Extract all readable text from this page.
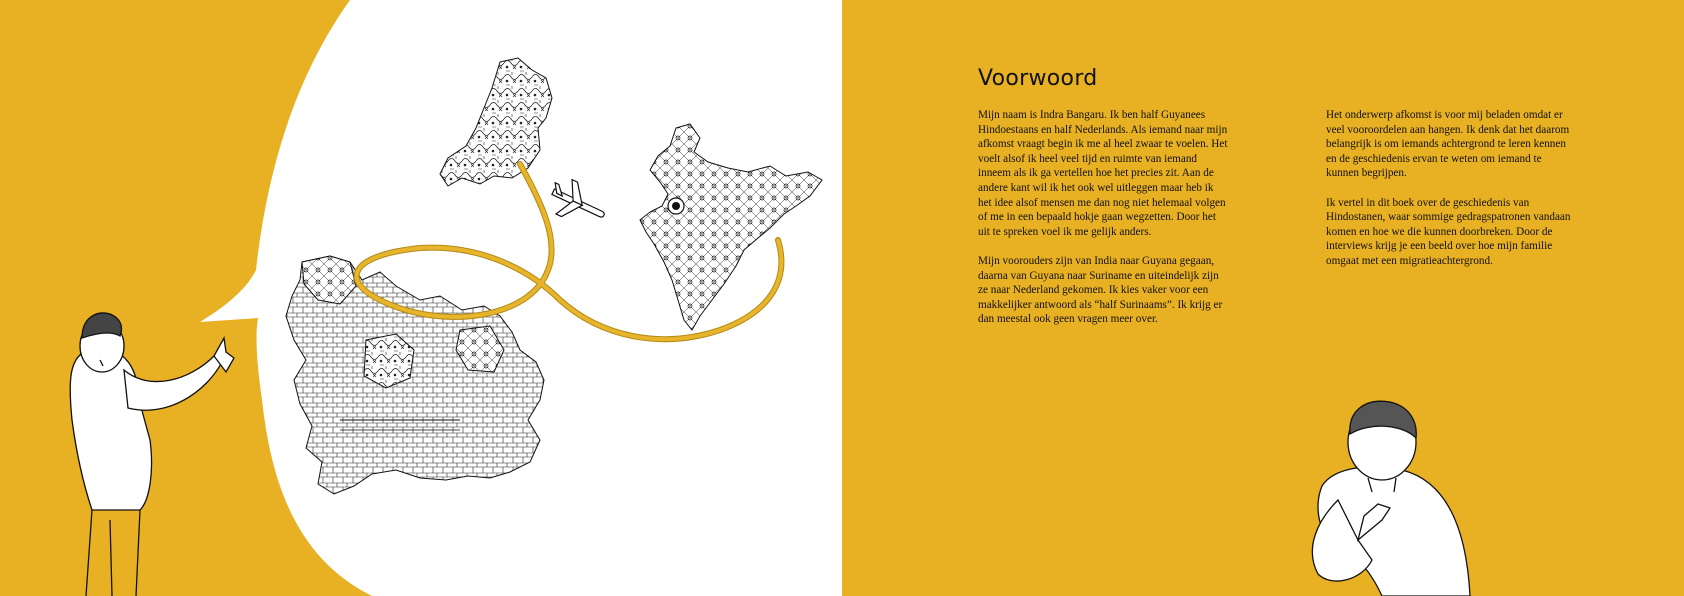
Voorwoord

Mijn naam is Indra Bangaru. Ik ben half Guyanees Hindoestaans en half Nederlands. Als iemand naar mijn afkomst vraagt begin ik me al heel zwaar te voelen. Het voelt alsof ik heel veel tijd en ruimte van iemand inneem als ik ga vertellen hoe het precies zit. Aan de andere kant wil ik het ook wel uitleggen maar heb ik het idee alsof mensen me dan nog niet helemaal volgen of me in een bepaald hokje gaan wegzetten. Door het uit te spreken voel ik me gelijk anders.

Mijn voorouders zijn van India naar Guyana gegaan, daarna van Guyana naar Suriname en uiteindelijk zijn ze naar Nederland gekomen. Ik kies vaker voor een makkelijker antwoord als “half Surinaams”. Ik krijg er dan meestal ook geen vragen meer over.

Het onderwerp afkomst is voor mij beladen omdat er veel vooroordelen aan hangen. Ik denk dat het daarom belangrijk is om iemands achtergrond te leren kennen en de geschiedenis ervan te weten om iemand te kunnen begrijpen.

Ik vertel in dit boek over de geschiedenis van Hindostanen, waar sommige gedragspatronen vandaan komen en hoe we die kunnen doorbreken. Door de interviews krijg je een beeld over hoe mijn familie omgaat met een migratieachtergrond.
